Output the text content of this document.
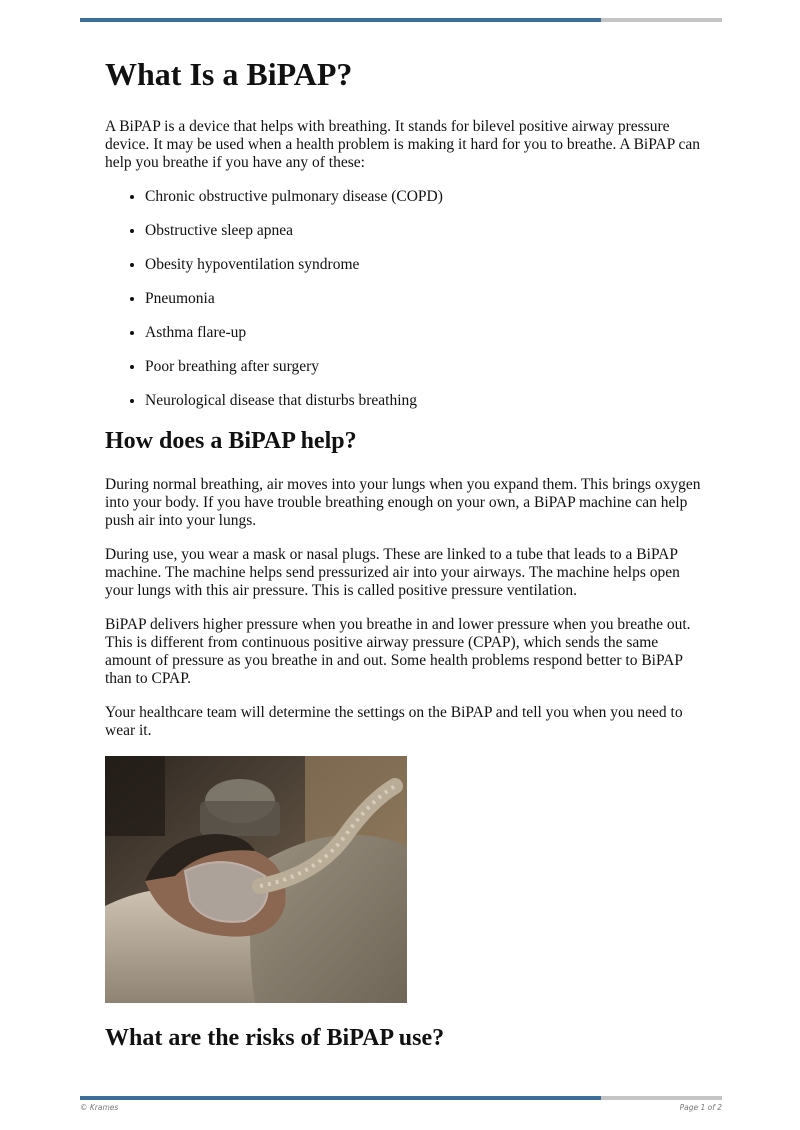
What Is a BiPAP?

A BiPAP is a device that helps with breathing. It stands for bilevel positive airway pressure device. It may be used when a health problem is making it hard for you to breathe. A BiPAP can help you breathe if you have any of these:

• Chronic obstructive pulmonary disease (COPD)
• Obstructive sleep apnea
• Obesity hypoventilation syndrome
• Pneumonia
• Asthma flare-up
• Poor breathing after surgery
• Neurological disease that disturbs breathing
How does a BiPAP help?

During normal breathing, air moves into your lungs when you expand them. This brings oxygen into your body. If you have trouble breathing enough on your own, a BiPAP machine can help push air into your lungs.

During use, you wear a mask or nasal plugs. These are linked to a tube that leads to a BiPAP machine. The machine helps send pressurized air into your airways. The machine helps open your lungs with this air pressure. This is called positive pressure ventilation.

BiPAP delivers higher pressure when you breathe in and lower pressure when you breathe out. This is different from continuous positive airway pressure (CPAP), which sends the same amount of pressure as you breathe in and out. Some health problems respond better to BiPAP than to CPAP.

Your healthcare team will determine the settings on the BiPAP and tell you when you need to wear it.

What are the risks of BiPAP use?
© Krames	Page 1 of 2
